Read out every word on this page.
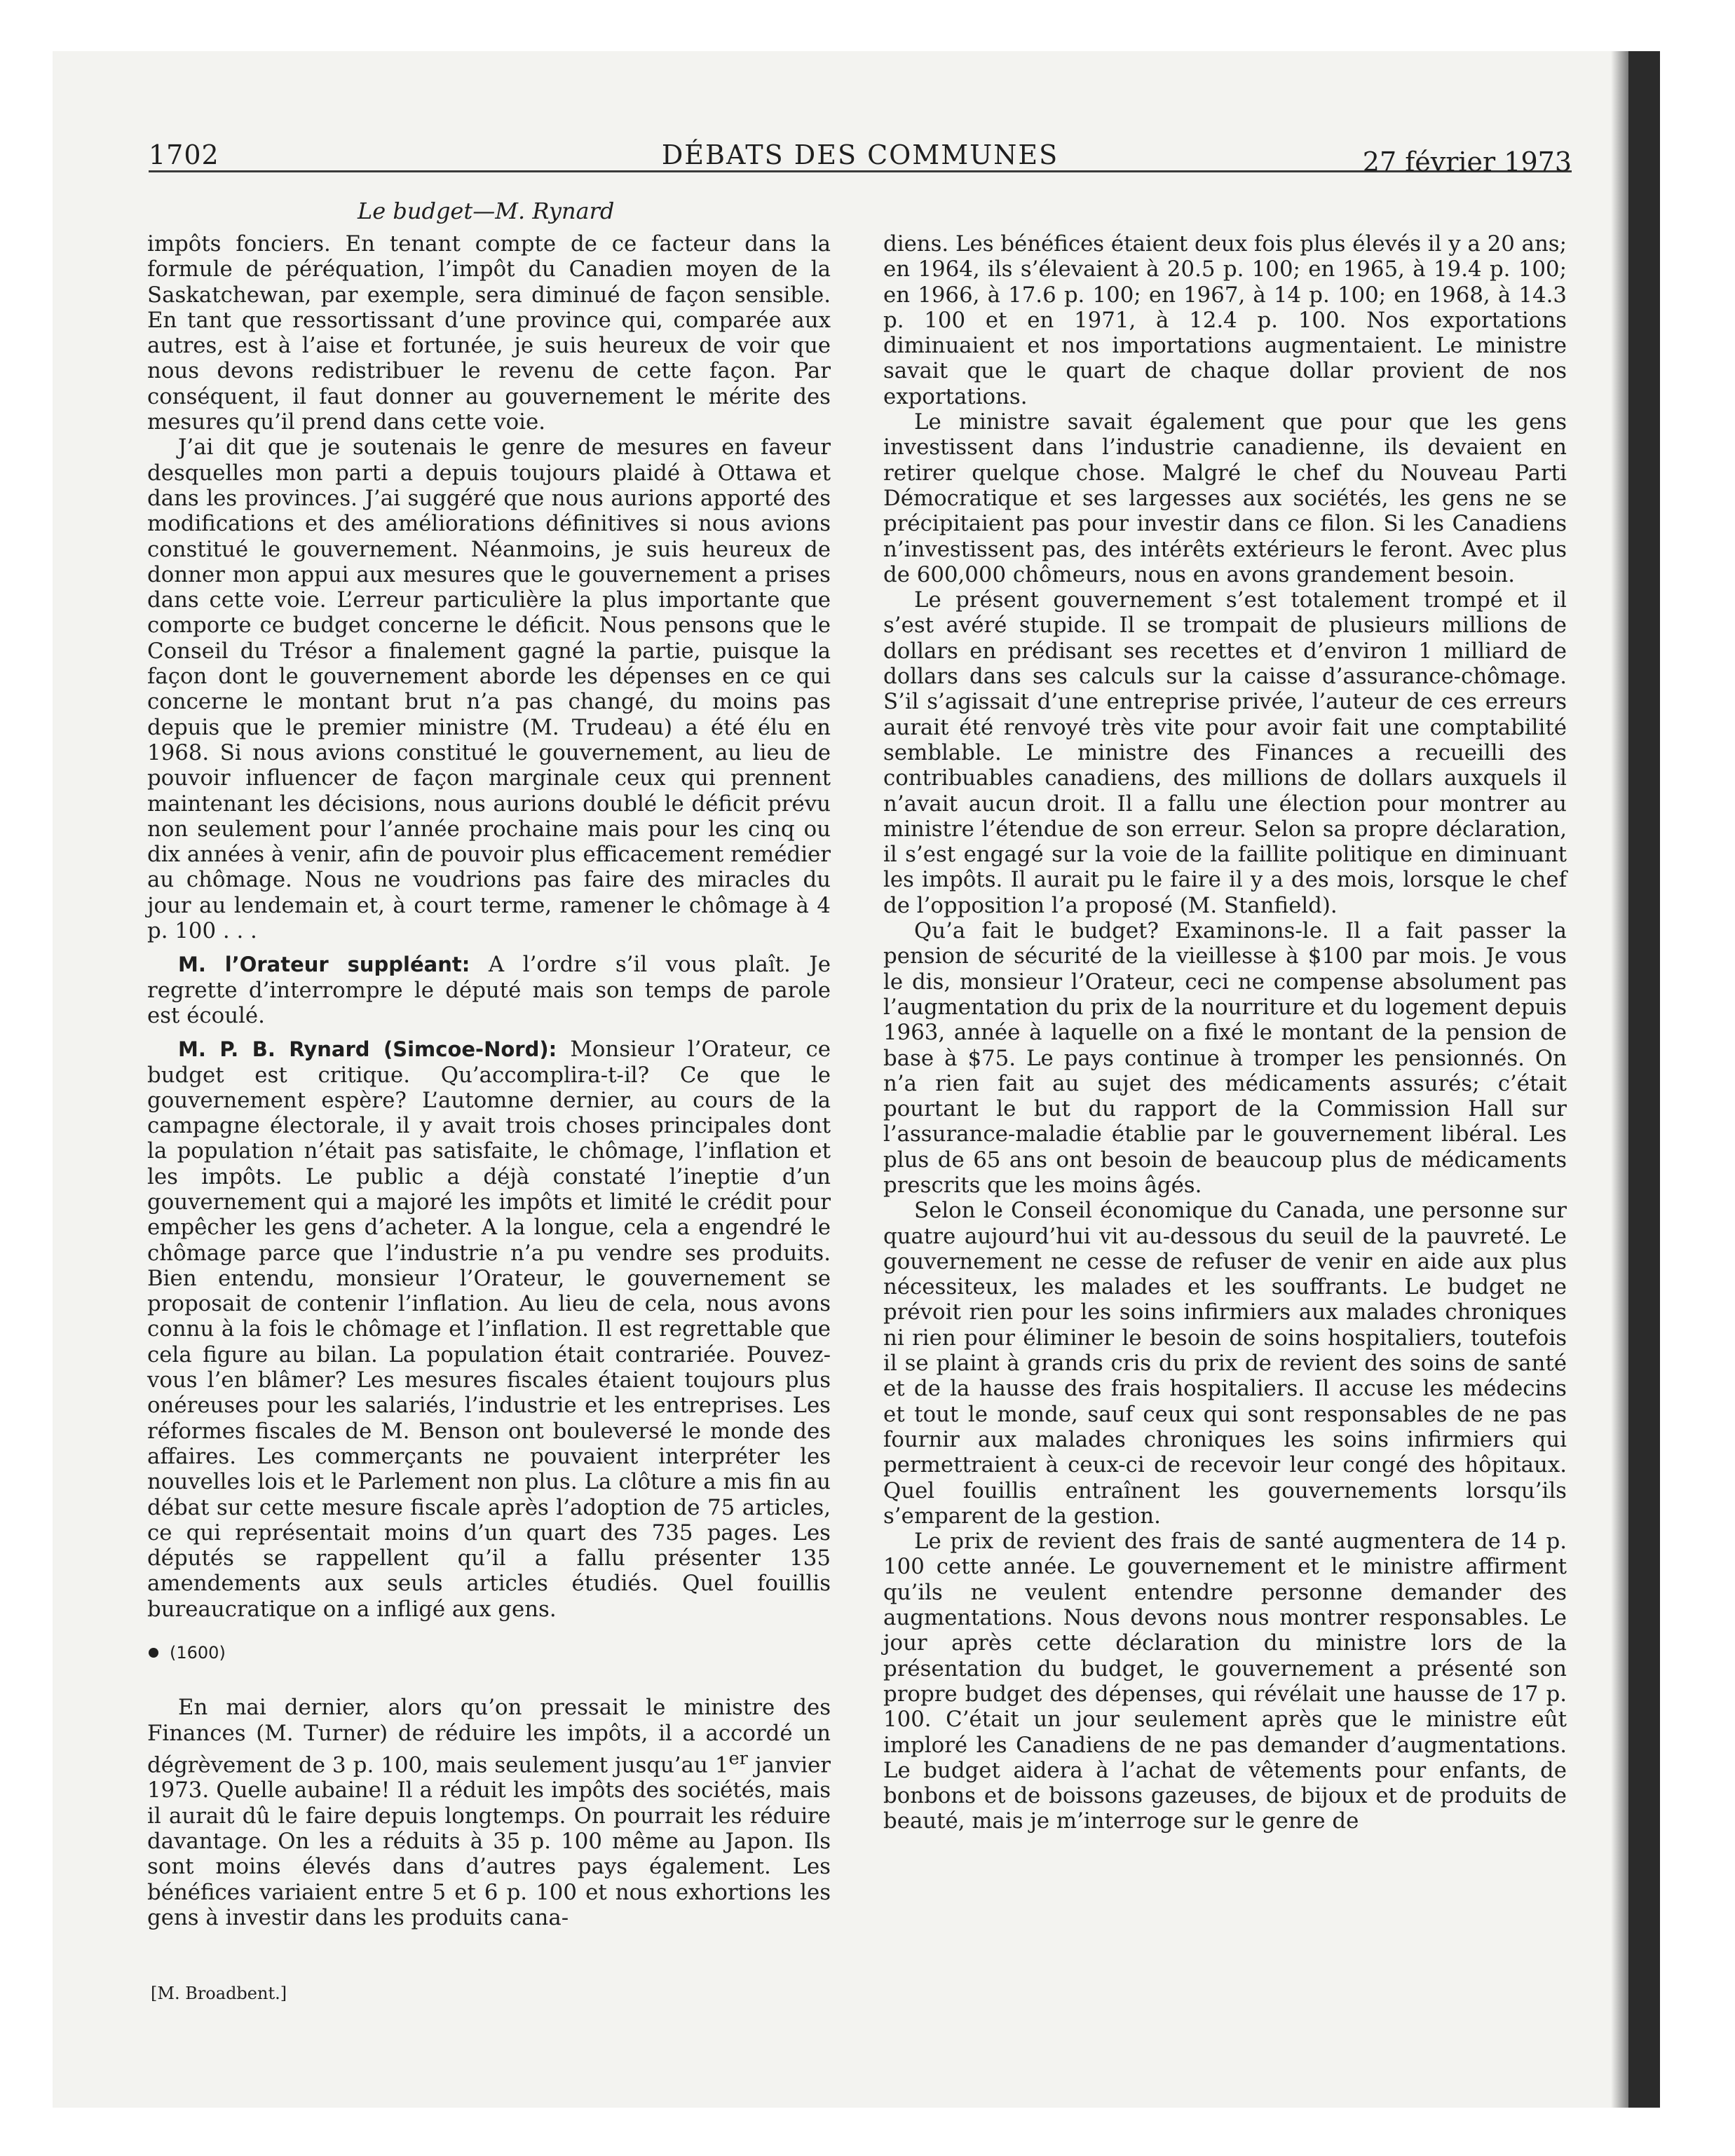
1702	DÉBATS DES COMMUNES	27 février 1973
Le budget—M. Rynard

impôts fonciers. En tenant compte de ce facteur dans la formule de péréquation, l’impôt du Canadien moyen de la Saskatchewan, par exemple, sera diminué de façon sensible. En tant que ressortissant d’une province qui, comparée aux autres, est à l’aise et fortunée, je suis heureux de voir que nous devons redistribuer le revenu de cette façon. Par conséquent, il faut donner au gouvernement le mérite des mesures qu’il prend dans cette voie.

J’ai dit que je soutenais le genre de mesures en faveur desquelles mon parti a depuis toujours plaidé à Ottawa et dans les provinces. J’ai suggéré que nous aurions apporté des modifications et des améliorations définitives si nous avions constitué le gouvernement. Néanmoins, je suis heureux de donner mon appui aux mesures que le gouvernement a prises dans cette voie. L’erreur particulière la plus importante que comporte ce budget concerne le déficit. Nous pensons que le Conseil du Trésor a finalement gagné la partie, puisque la façon dont le gouvernement aborde les dépenses en ce qui concerne le montant brut n’a pas changé, du moins pas depuis que le premier ministre (M. Trudeau) a été élu en 1968. Si nous avions constitué le gouvernement, au lieu de pouvoir influencer de façon marginale ceux qui prennent maintenant les décisions, nous aurions doublé le déficit prévu non seulement pour l’année prochaine mais pour les cinq ou dix années à venir, afin de pouvoir plus efficacement remédier au chômage. Nous ne voudrions pas faire des miracles du jour au lendemain et, à court terme, ramener le chômage à 4 p. 100 . . .

M. l’Orateur suppléant: A l’ordre s’il vous plaît. Je regrette d’interrompre le député mais son temps de parole est écoulé.

M. P. B. Rynard (Simcoe-Nord): Monsieur l’Orateur, ce budget est critique. Qu’accomplira-t-il? Ce que le gouvernement espère? L’automne dernier, au cours de la campagne électorale, il y avait trois choses principales dont la population n’était pas satisfaite, le chômage, l’inflation et les impôts. Le public a déjà constaté l’ineptie d’un gouvernement qui a majoré les impôts et limité le crédit pour empêcher les gens d’acheter. A la longue, cela a engendré le chômage parce que l’industrie n’a pu vendre ses produits. Bien entendu, monsieur l’Orateur, le gouvernement se proposait de contenir l’inflation. Au lieu de cela, nous avons connu à la fois le chômage et l’inflation. Il est regrettable que cela figure au bilan. La population était contrariée. Pouvez-vous l’en blâmer? Les mesures fiscales étaient toujours plus onéreuses pour les salariés, l’industrie et les entreprises. Les réformes fiscales de M. Benson ont bouleversé le monde des affaires. Les commerçants ne pouvaient interpréter les nouvelles lois et le Parlement non plus. La clôture a mis fin au débat sur cette mesure fiscale après l’adoption de 75 articles, ce qui représentait moins d’un quart des 735 pages. Les députés se rappellent qu’il a fallu présenter 135 amendements aux seuls articles étudiés. Quel fouillis bureaucratique on a infligé aux gens.

(1600)

En mai dernier, alors qu’on pressait le ministre des Finances (M. Turner) de réduire les impôts, il a accordé un dégrèvement de 3 p. 100, mais seulement jusqu’au 1er janvier 1973. Quelle aubaine! Il a réduit les impôts des sociétés, mais il aurait dû le faire depuis longtemps. On pourrait les réduire davantage. On les a réduits à 35 p. 100 même au Japon. Ils sont moins élevés dans d’autres pays également. Les bénéfices variaient entre 5 et 6 p. 100 et nous exhortions les gens à investir dans les produits cana-

diens. Les bénéfices étaient deux fois plus élevés il y a 20 ans; en 1964, ils s’élevaient à 20.5 p. 100; en 1965, à 19.4 p. 100; en 1966, à 17.6 p. 100; en 1967, à 14 p. 100; en 1968, à 14.3 p. 100 et en 1971, à 12.4 p. 100. Nos exportations diminuaient et nos importations augmentaient. Le ministre savait que le quart de chaque dollar provient de nos exportations.

Le ministre savait également que pour que les gens investissent dans l’industrie canadienne, ils devaient en retirer quelque chose. Malgré le chef du Nouveau Parti Démocratique et ses largesses aux sociétés, les gens ne se précipitaient pas pour investir dans ce filon. Si les Canadiens n’investissent pas, des intérêts extérieurs le feront. Avec plus de 600,000 chômeurs, nous en avons grandement besoin.

Le présent gouvernement s’est totalement trompé et il s’est avéré stupide. Il se trompait de plusieurs millions de dollars en prédisant ses recettes et d’environ 1 milliard de dollars dans ses calculs sur la caisse d’assurance-chômage. S’il s’agissait d’une entreprise privée, l’auteur de ces erreurs aurait été renvoyé très vite pour avoir fait une comptabilité semblable. Le ministre des Finances a recueilli des contribuables canadiens, des millions de dollars auxquels il n’avait aucun droit. Il a fallu une élection pour montrer au ministre l’étendue de son erreur. Selon sa propre déclaration, il s’est engagé sur la voie de la faillite politique en diminuant les impôts. Il aurait pu le faire il y a des mois, lorsque le chef de l’opposition l’a proposé (M. Stanfield).

Qu’a fait le budget? Examinons-le. Il a fait passer la pension de sécurité de la vieillesse à $100 par mois. Je vous le dis, monsieur l’Orateur, ceci ne compense absolument pas l’augmentation du prix de la nourriture et du logement depuis 1963, année à laquelle on a fixé le montant de la pension de base à $75. Le pays continue à tromper les pensionnés. On n’a rien fait au sujet des médicaments assurés; c’était pourtant le but du rapport de la Commission Hall sur l’assurance-maladie établie par le gouvernement libéral. Les plus de 65 ans ont besoin de beaucoup plus de médicaments prescrits que les moins âgés.

Selon le Conseil économique du Canada, une personne sur quatre aujourd’hui vit au-dessous du seuil de la pauvreté. Le gouvernement ne cesse de refuser de venir en aide aux plus nécessiteux, les malades et les souffrants. Le budget ne prévoit rien pour les soins infirmiers aux malades chroniques ni rien pour éliminer le besoin de soins hospitaliers, toutefois il se plaint à grands cris du prix de revient des soins de santé et de la hausse des frais hospitaliers. Il accuse les médecins et tout le monde, sauf ceux qui sont responsables de ne pas fournir aux malades chroniques les soins infirmiers qui permettraient à ceux-ci de recevoir leur congé des hôpitaux. Quel fouillis entraînent les gouvernements lorsqu’ils s’emparent de la gestion.

Le prix de revient des frais de santé augmentera de 14 p. 100 cette année. Le gouvernement et le ministre affirment qu’ils ne veulent entendre personne demander des augmentations. Nous devons nous montrer responsables. Le jour après cette déclaration du ministre lors de la présentation du budget, le gouvernement a présenté son propre budget des dépenses, qui révélait une hausse de 17 p. 100. C’était un jour seulement après que le ministre eût imploré les Canadiens de ne pas demander d’augmentations. Le budget aidera à l’achat de vêtements pour enfants, de bonbons et de boissons gazeuses, de bijoux et de produits de beauté, mais je m’interroge sur le genre de

[M. Broadbent.]
